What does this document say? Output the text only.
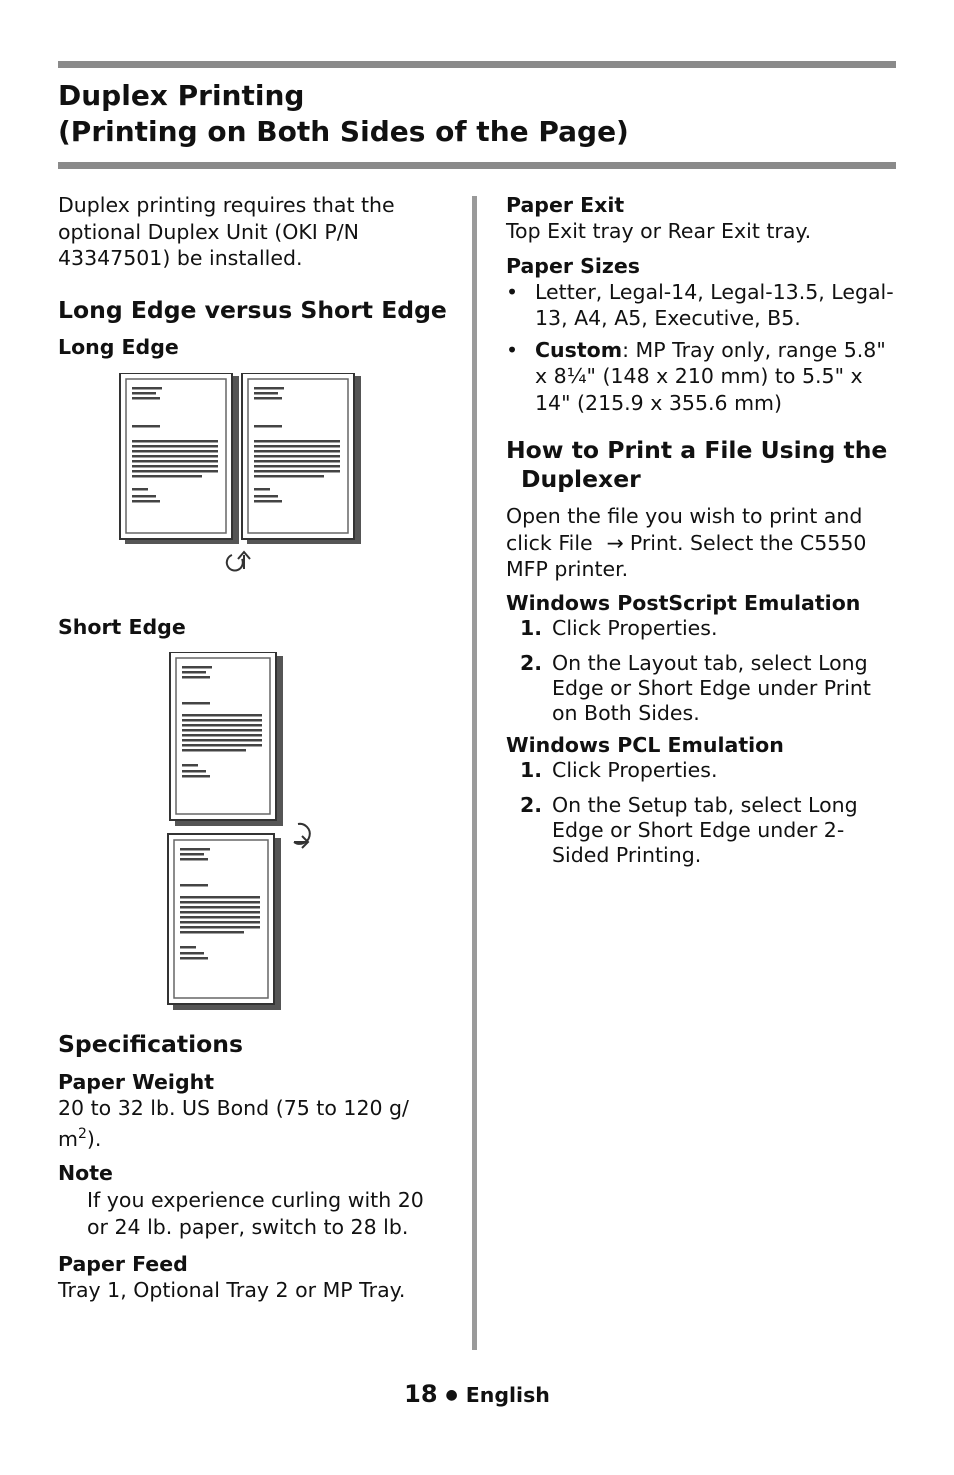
Duplex Printing
(Printing on Both Sides of the Page)

Duplex printing requires that the optional Duplex Unit (OKI P/N 43347501) be installed.

Long Edge versus Short Edge
Long Edge
Short Edge
Specifications
Paper Weight

20 to 32 lb. US Bond (75 to 120 g/ $m^2$).

Note

If you experience curling with 20 or 24 lb. paper, switch to 28 lb.

Paper Feed

Tray 1, Optional Tray 2 or MP Tray.

Paper Exit

Top Exit tray or Rear Exit tray.

Paper Sizes
• Letter, Legal-14, Legal-13.5, Legal-13, A4, A5, Executive, B5.
• Custom: MP Tray only, range 5.8" x 8¼" (148 x 210 mm) to 5.5" x 14" (215.9 x 355.6 mm)
How to Print a File Using the
Duplexer

Open the file you wish to print and click File → Print. Select the C5550 MFP printer.

Windows PostScript Emulation
1. Click Properties.
2. On the Layout tab, select Long Edge or Short Edge under Print on Both Sides.
Windows PCL Emulation
1. Click Properties.
2. On the Setup tab, select Long Edge or Short Edge under 2-Sided Printing.
18 ● English
